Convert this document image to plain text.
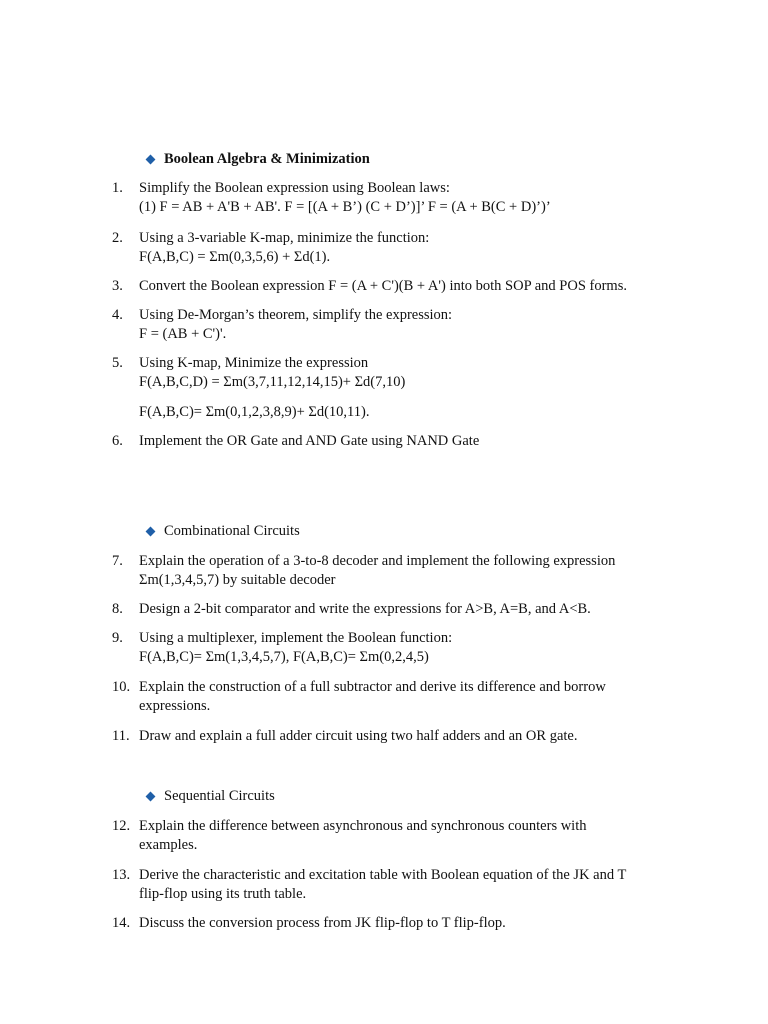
Boolean Algebra & Minimization
1. Simplify the Boolean expression using Boolean laws:
(1) F = AB + A'B + AB'. F = [(A + B’) (C + D’)]’ F = (A + B(C + D)’)’
2. Using a 3-variable K-map, minimize the function:
F(A,B,C) = Σm(0,3,5,6) + Σd(1).
3. Convert the Boolean expression F = (A + C')(B + A') into both SOP and POS forms.
4. Using De-Morgan’s theorem, simplify the expression:
F = (AB + C')'.
5. Using K-map, Minimize the expression
F(A,B,C,D) = Σm(3,7,11,12,14,15)+ Σd(7,10)
F(A,B,C)= Σm(0,1,2,3,8,9)+ Σd(10,11).
6. Implement the OR Gate and AND Gate using NAND Gate
Combinational Circuits
7. Explain the operation of a 3-to-8 decoder and implement the following expression
Σm(1,3,4,5,7) by suitable decoder
8. Design a 2-bit comparator and write the expressions for A>B, A=B, and A<B.
9. Using a multiplexer, implement the Boolean function:
F(A,B,C)= Σm(1,3,4,5,7), F(A,B,C)= Σm(0,2,4,5)
10. Explain the construction of a full subtractor and derive its difference and borrow
expressions.
11. Draw and explain a full adder circuit using two half adders and an OR gate.
Sequential Circuits
12. Explain the difference between asynchronous and synchronous counters with
examples.
13. Derive the characteristic and excitation table with Boolean equation of the JK and T
flip-flop using its truth table.
14. Discuss the conversion process from JK flip-flop to T flip-flop.
